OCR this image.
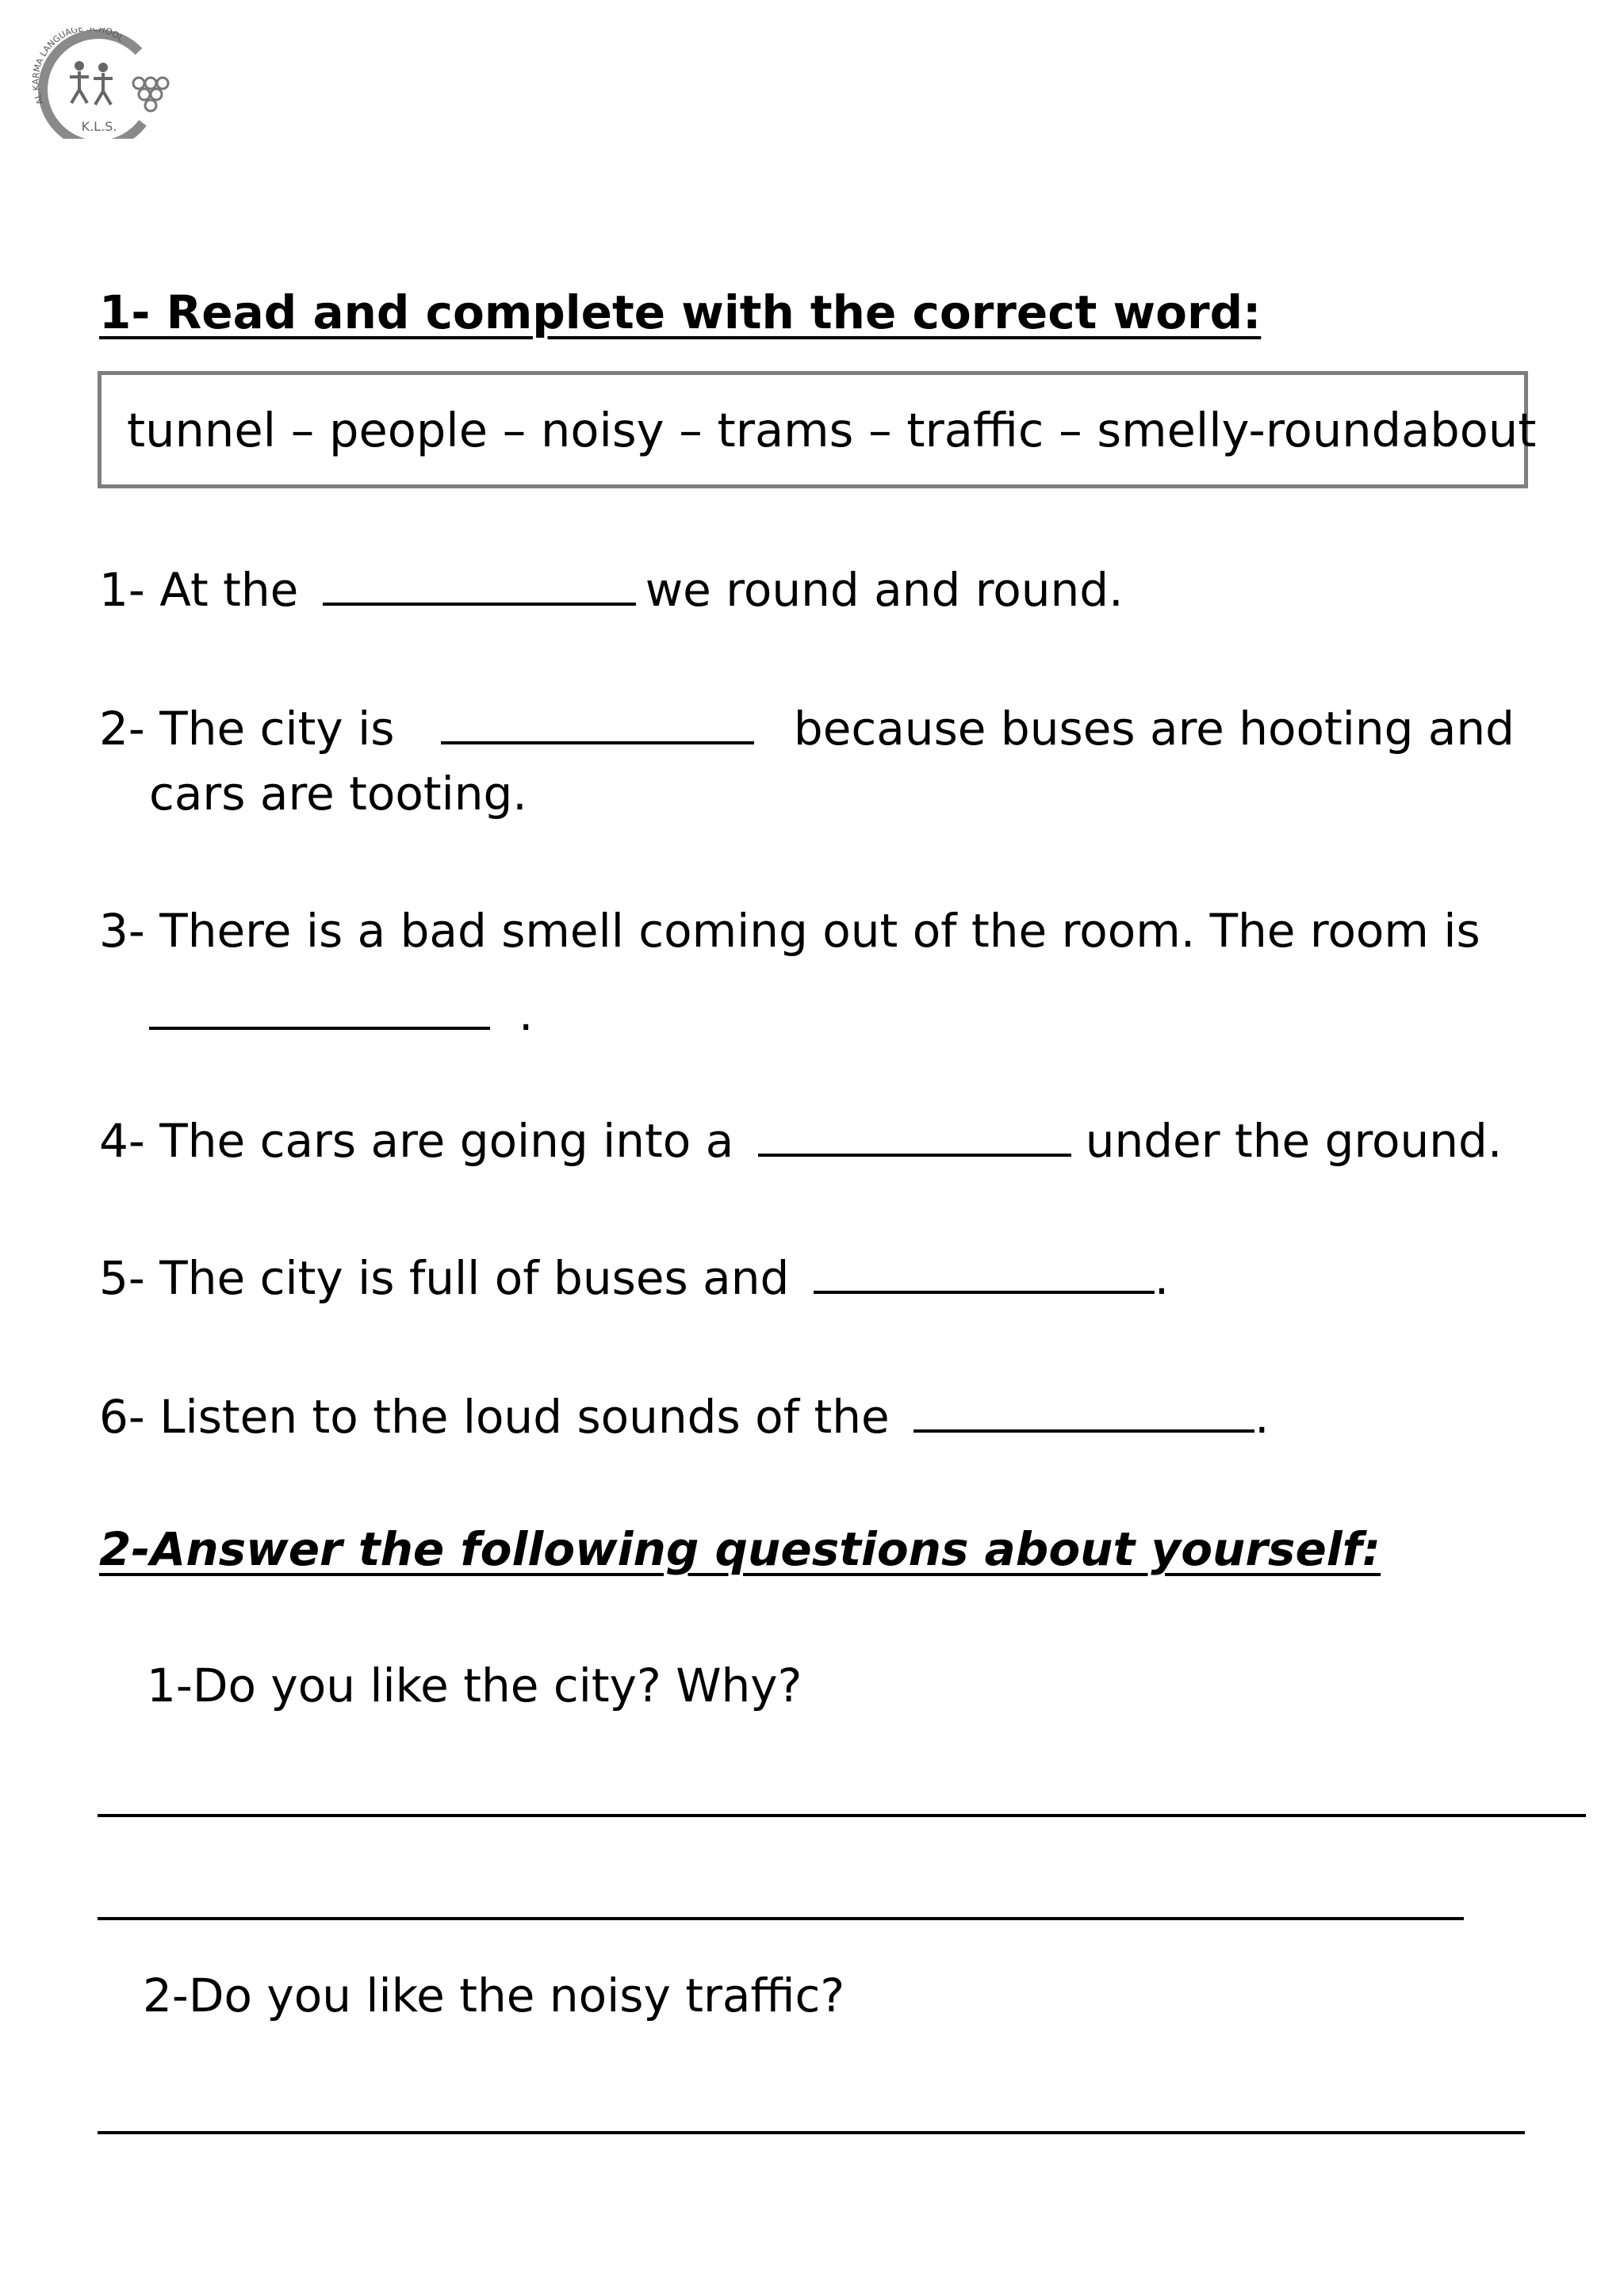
AL KARMA LANGUAGE SCHOOL
K.L.S.
1- Read and complete with the correct word:
tunnel – people – noisy – trams – traffic – smelly-roundabout
1- At the	we round and round.
2- The city is	because buses are hooting and
cars are tooting.
3- There is a bad smell coming out of the room. The room is
.
4- The cars are going into a	under the ground.
5- The city is full of buses and	.
6- Listen to the loud sounds of the	.
2-Answer the following questions about yourself:
1-Do you like the city? Why?
2-Do you like the noisy traffic?
